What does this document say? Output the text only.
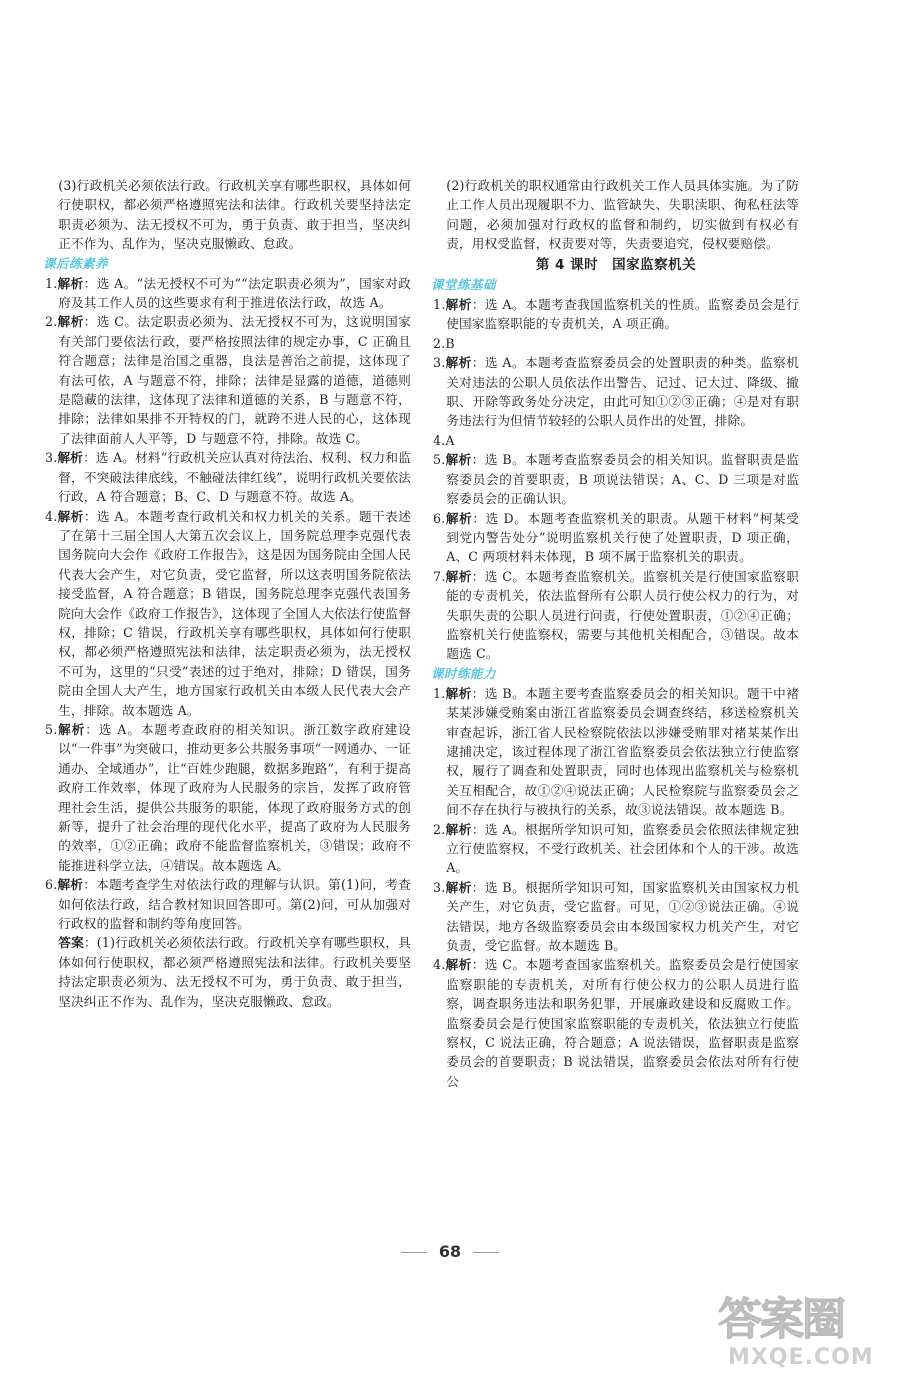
(3)行政机关必须依法行政。行政机关享有哪些职权，具体如何行使职权，都必须严格遵照宪法和法律。行政机关要坚持法定职责必须为、法无授权不可为，勇于负责、敢于担当，坚决纠正不作为、乱作为，坚决克服懒政、怠政。

课后练素养

1.解析：选 A。“法无授权不可为”“法定职责必须为”，国家对政府及其工作人员的这些要求有利于推进依法行政，故选 A。

2.解析：选 C。法定职责必须为、法无授权不可为，这说明国家有关部门要依法行政，要严格按照法律的规定办事，C 正确且符合题意；法律是治国之重器，良法是善治之前提，这体现了有法可依，A 与题意不符，排除；法律是显露的道德，道德则是隐藏的法律，这体现了法律和道德的关系，B 与题意不符，排除；法律如果排不开特权的门，就跨不进人民的心，这体现了法律面前人人平等，D 与题意不符，排除。故选 C。

3.解析：选 A。材料“行政机关应认真对待法治、权利、权力和监督，不突破法律底线，不触碰法律红线”，说明行政机关要依法行政，A 符合题意；B、C、D 与题意不符。故选 A。

4.解析：选 A。本题考查行政机关和权力机关的关系。题干表述了在第十三届全国人大第五次会议上，国务院总理李克强代表国务院向大会作《政府工作报告》，这是因为国务院由全国人民代表大会产生，对它负责，受它监督，所以这表明国务院依法接受监督，A 符合题意；B 错误，国务院总理李克强代表国务院向大会作《政府工作报告》，这体现了全国人大依法行使监督权，排除；C 错误，行政机关享有哪些职权，具体如何行使职权，都必须严格遵照宪法和法律，法定职责必须为，法无授权不可为，这里的“只受”表述的过于绝对，排除；D 错误，国务院由全国人大产生，地方国家行政机关由本级人民代表大会产生，排除。故本题选 A。

5.解析：选 A。本题考查政府的相关知识。浙江数字政府建设以“一件事”为突破口，推动更多公共服务事项“一网通办、一证通办、全域通办”，让“百姓少跑腿，数据多跑路”，有利于提高政府工作效率，体现了政府为人民服务的宗旨，发挥了政府管理社会生活，提供公共服务的职能，体现了政府服务方式的创新等，提升了社会治理的现代化水平，提高了政府为人民服务的效率，①②正确；政府不能监督监察机关，③错误；政府不能推进科学立法，④错误。故本题选 A。

6.解析：本题考查学生对依法行政的理解与认识。第(1)问，考查如何依法行政，结合教材知识回答即可。第(2)问，可从加强对行政权的监督和制约等角度回答。

答案：(1)行政机关必须依法行政。行政机关享有哪些职权，具体如何行使职权，都必须严格遵照宪法和法律。行政机关要坚持法定职责必须为、法无授权不可为，勇于负责、敢于担当，坚决纠正不作为、乱作为，坚决克服懒政、怠政。

(2)行政机关的职权通常由行政机关工作人员具体实施。为了防止工作人员出现履职不力、监管缺失、失职渎职、徇私枉法等问题，必须加强对行政权的监督和制约，切实做到有权必有责，用权受监督，权责要对等，失责要追究，侵权要赔偿。

第 4 课时　国家监察机关
课堂练基础

1.解析：选 A。本题考查我国监察机关的性质。监察委员会是行使国家监察职能的专责机关，A 项正确。

2.B

3.解析：选 A。本题考查监察委员会的处置职责的种类。监察机关对违法的公职人员依法作出警告、记过、记大过、降级、撤职、开除等政务处分决定，由此可知①②③正确；④是对有职务违法行为但情节较轻的公职人员作出的处置，排除。

4.A

5.解析：选 B。本题考查监察委员会的相关知识。监督职责是监察委员会的首要职责，B 项说法错误；A、C、D 三项是对监察委员会的正确认识。

6.解析：选 D。本题考查监察机关的职责。从题干材料“柯某受到党内警告处分”说明监察机关行使了处置职责，D 项正确，A、C 两项材料未体现，B 项不属于监察机关的职责。

7.解析：选 C。本题考查监察机关。监察机关是行使国家监察职能的专责机关，依法监督所有公职人员行使公权力的行为，对失职失责的公职人员进行问责，行使处置职责，①②④正确；监察机关行使监察权，需要与其他机关相配合，③错误。故本题选 C。

课时练能力

1.解析：选 B。本题主要考查监察委员会的相关知识。题干中褚某某涉嫌受贿案由浙江省监察委员会调查终结，移送检察机关审查起诉，浙江省人民检察院依法以涉嫌受贿罪对褚某某作出逮捕决定，该过程体现了浙江省监察委员会依法独立行使监察权，履行了调查和处置职责，同时也体现出监察机关与检察机关互相配合，故①②④说法正确；人民检察院与监察委员会之间不存在执行与被执行的关系，故③说法错误。故本题选 B。

2.解析：选 A。根据所学知识可知，监察委员会依照法律规定独立行使监察权，不受行政机关、社会团体和个人的干涉。故选 A。

3.解析：选 B。根据所学知识可知，国家监察机关由国家权力机关产生，对它负责，受它监督。可见，①②③说法正确。④说法错误，地方各级监察委员会由本级国家权力机关产生，对它负责，受它监督。故本题选 B。

4.解析：选 C。本题考查国家监察机关。监察委员会是行使国家监察职能的专责机关，对所有行使公权力的公职人员进行监察，调查职务违法和职务犯罪，开展廉政建设和反腐败工作。监察委员会是行使国家监察职能的专责机关，依法独立行使监察权，C 说法正确，符合题意；A 说法错误，监督职责是监察委员会的首要职责；B 说法错误，监察委员会依法对所有行使公

68
答案圈
MXQE.COM
